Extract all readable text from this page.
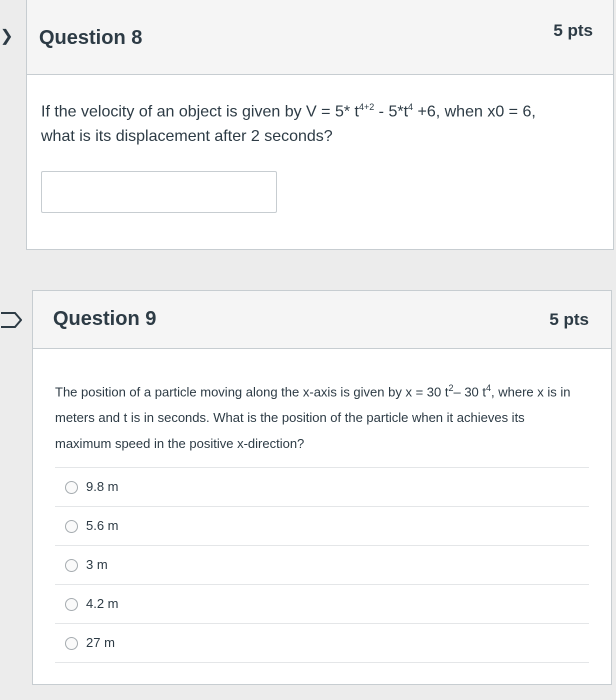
❯ Question 8	5 pts
If the velocity of an object is given by V = 5* $t^{4+2} - 5*t^4 +6$, when x0 = 6,
what is its displacement after 2 seconds?
Question 9	5 pts
The position of a particle moving along the x-axis is given by x = 30 $t^2-$ 30 $t^4$, where x is in
meters and t is in seconds. What is the position of the particle when it achieves its
maximum speed in the positive x-direction?
9.8 m
5.6 m
3 m
4.2 m
27 m
